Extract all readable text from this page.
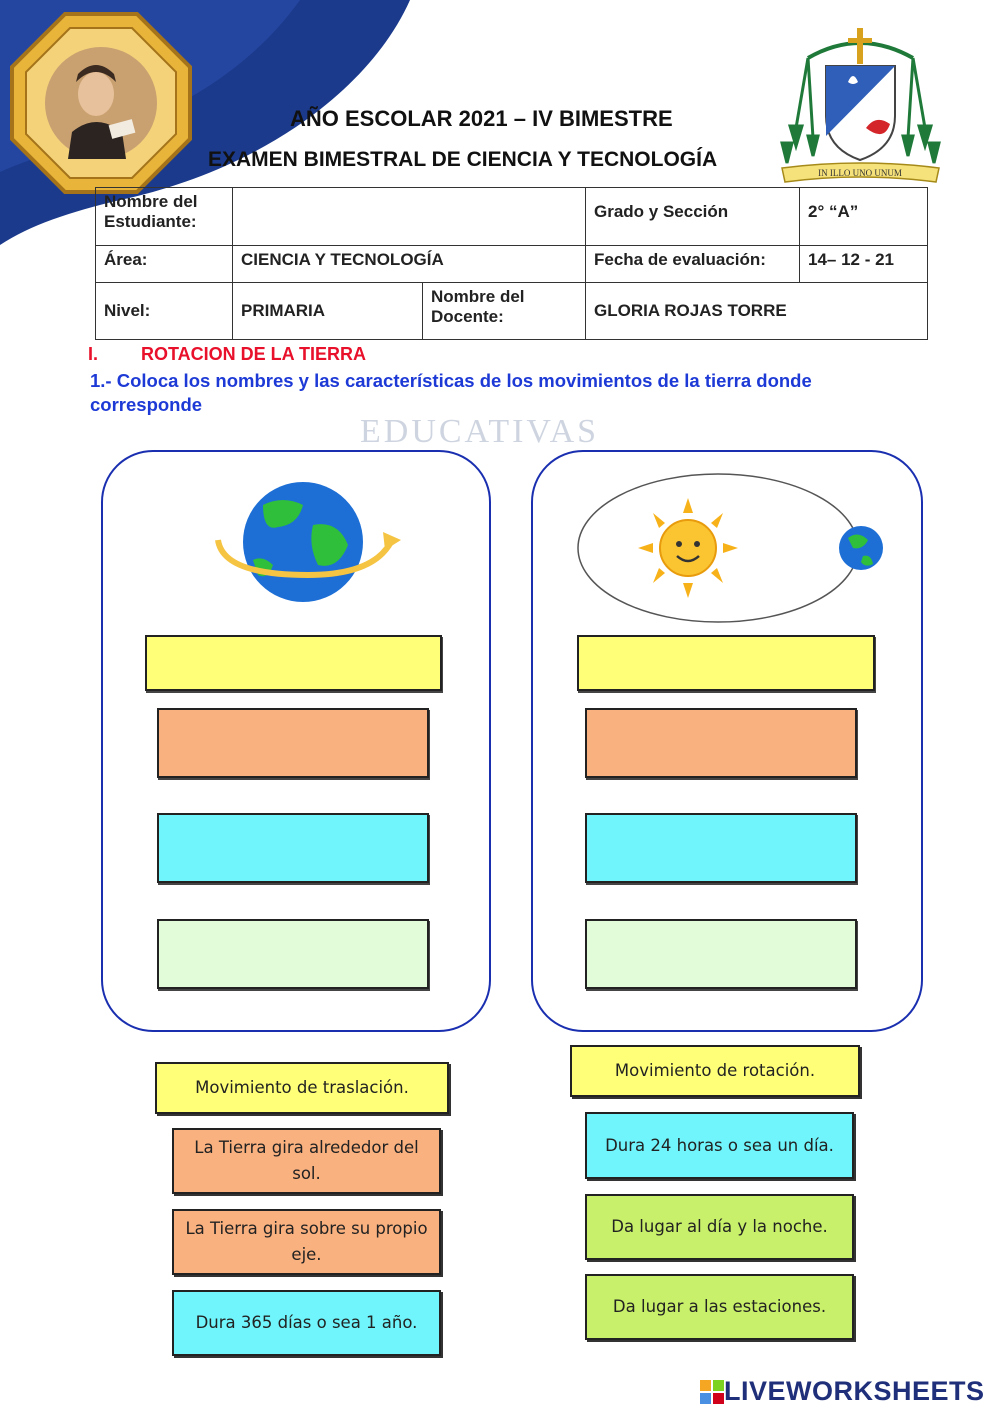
IN ILLO UNO UNUM
AÑO ESCOLAR 2021 – IV BIMESTRE
EXAMEN BIMESTRAL DE CIENCIA Y TECNOLOGÍA
Nombre del Estudiante:			Grado y Sección	2° “A”
Área:	CIENCIA Y TECNOLOGÍA		Fecha de evaluación:	14– 12 - 21
Nivel:	PRIMARIA	Nombre del Docente:	GLORIA ROJAS TORRE	
I. ROTACION DE LA TIERRA
1.- Coloca los nombres y las características de los movimientos de la tierra donde corresponde
EDUCATIVAS
Movimiento de traslación.
La Tierra gira alrededor del sol.
La Tierra gira sobre su propio eje.
Dura 365 días o sea 1 año.
Movimiento de rotación.
Dura 24 horas o sea un día.
Da lugar al día y la noche.
Da lugar a las estaciones.
LIVEWORKSHEETS
